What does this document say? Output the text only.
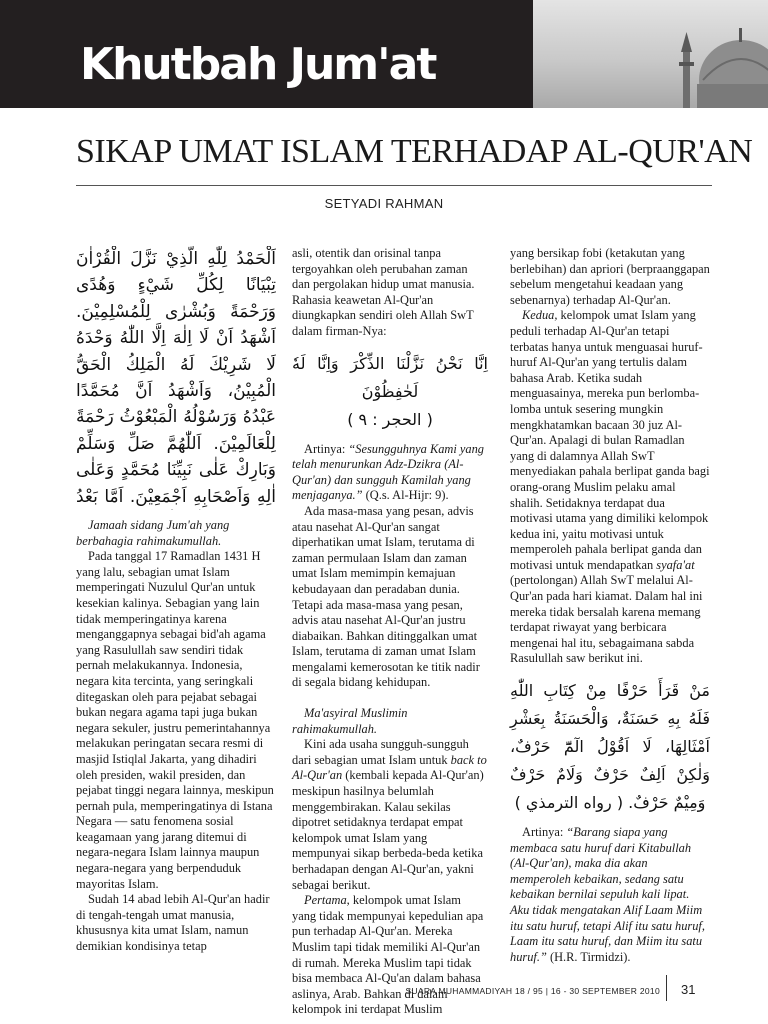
Khutbah Jum'at
SIKAP UMAT ISLAM TERHADAP AL-QUR'AN
SETYADI RAHMAN
اَلْحَمْدُ لِلّٰهِ الَّذِيْ نَزَّلَ الْقُرْاٰنَ تِبْيَانًا لِكُلِّ شَيْءٍ وَهُدًى وَرَحْمَةً وَبُشْرٰى لِلْمُسْلِمِيْنَ. اَشْهَدُ اَنْ لَا اِلٰهَ اِلَّا اللّٰهُ وَحْدَهُ لَا شَرِيْكَ لَهُ الْمَلِكُ الْحَقُّ الْمُبِيْنُ، وَاَشْهَدُ اَنَّ مُحَمَّدًا عَبْدُهُ وَرَسُوْلُهُ الْمَبْعُوْثُ رَحْمَةً لِلْعَالَمِيْنَ. اَللّٰهُمَّ صَلِّ وَسَلِّمْ وَبَارِكْ عَلٰى نَبِيِّنَا مُحَمَّدٍ وَعَلٰى اٰلِهِ وَاَصْحَابِهِ اَجْمَعِيْنَ. اَمَّا بَعْدُ

Jamaah sidang Jum'ah yang berbahagia rahimakumullah.

Pada tanggal 17 Ramadlan 1431 H yang lalu, sebagian umat Islam memperingati Nuzulul Qur'an untuk kesekian kalinya. Sebagian yang lain tidak memperingatinya karena menganggapnya sebagai bid'ah agama yang Rasulullah saw sendiri tidak pernah melakukannya. Indonesia, negara kita tercinta, yang seringkali ditegaskan oleh para pejabat sebagai bukan negara agama tapi juga bukan negara sekuler, justru pemerintahannya melakukan peringatan secara resmi di masjid Istiqlal Jakarta, yang dihadiri oleh presiden, wakil presiden, dan pejabat tinggi negara lainnya, meskipun pernah pula, memperingatinya di Istana Negara — satu fenomena sosial keagamaan yang jarang ditemui di negara-negara Islam lainnya maupun negara-negara yang berpenduduk mayoritas Islam.

Sudah 14 abad lebih Al-Qur'an hadir di tengah-tengah umat manusia, khususnya kita umat Islam, namun demikian kondisinya tetap

asli, otentik dan orisinal tanpa tergoyahkan oleh perubahan zaman dan pergolakan hidup umat manusia. Rahasia keawetan Al-Qur'an diungkapkan sendiri oleh Allah SwT dalam firman-Nya:

اِنَّا نَحْنُ نَزَّلْنَا الذِّكْرَ وَاِنَّا لَهٗ لَحٰفِظُوْنَ
( الحجر : ٩ )

Artinya: “Sesungguhnya Kami yang telah menurunkan Adz-Dzikra (Al-Qur'an) dan sungguh Kamilah yang menjaganya.” (Q.s. Al-Hijr: 9).

Ada masa-masa yang pesan, advis atau nasehat Al-Qur'an sangat diperhatikan umat Islam, terutama di zaman permulaan Islam dan zaman umat Islam memimpin kemajuan kebudayaan dan peradaban dunia. Tetapi ada masa-masa yang pesan, advis atau nasehat Al-Qur'an justru diabaikan. Bahkan ditinggalkan umat Islam, terutama di zaman umat Islam mengalami kemerosotan ke titik nadir di segala bidang kehidupan.

Ma'asyiral Muslimin rahimakumullah.

Kini ada usaha sungguh-sungguh dari sebagian umat Islam untuk back to Al-Qur'an (kembali kepada Al-Qur'an) meskipun hasilnya belumlah menggembirakan. Kalau sekilas dipotret setidaknya terdapat empat kelompok umat Islam yang mempunyai sikap berbeda-beda ketika berhadapan dengan Al-Qur'an, yakni sebagai berikut.

Pertama, kelompok umat Islam yang tidak mempunyai kepedulian apa pun terhadap Al-Qur'an. Mereka Muslim tapi tidak memiliki Al-Qur'an di rumah. Mereka Muslim tapi tidak bisa membaca Al-Qu'an dalam bahasa aslinya, Arab. Bahkan di dalam kelompok ini terdapat Muslim

yang bersikap fobi (ketakutan yang berlebihan) dan apriori (berpraanggapan sebelum mengetahui keadaan yang sebenarnya) terhadap Al-Qur'an.

Kedua, kelompok umat Islam yang peduli terhadap Al-Qur'an tetapi terbatas hanya untuk menguasai huruf-huruf Al-Qur'an yang tertulis dalam bahasa Arab. Ketika sudah menguasainya, mereka pun berlomba-lomba untuk sesering mungkin mengkhatamkan bacaan 30 juz Al-Qur'an. Apalagi di bulan Ramadlan yang di dalamnya Allah SwT menyediakan pahala berlipat ganda bagi orang-orang Muslim pelaku amal shalih. Setidaknya terdapat dua motivasi utama yang dimiliki kelompok kedua ini, yaitu motivasi untuk memperoleh pahala berlipat ganda dan motivasi untuk mendapatkan syafa'at (pertolongan) Allah SwT melalui Al-Qur'an pada hari kiamat. Dalam hal ini mereka tidak bersalah karena memang terdapat riwayat yang berbicara mengenai hal itu, sebagaimana sabda Rasulullah saw berikut ini.

مَنْ قَرَأَ حَرْفًا مِنْ كِتَابِ اللّٰهِ فَلَهُ بِهِ حَسَنَةٌ، وَالْحَسَنَةُ بِعَشْرِ اَمْثَالِهَا، لَا اَقُوْلُ الٓمّٓ حَرْفٌ، وَلٰكِنْ اَلِفٌ حَرْفٌ وَلَامٌ حَرْفٌ وَمِيْمٌ حَرْفٌ. ( رواه الترمذي )

Artinya: “Barang siapa yang membaca satu huruf dari Kitabullah (Al-Qur'an), maka dia akan memperoleh kebaikan, sedang satu kebaikan bernilai sepuluh kali lipat. Aku tidak mengatakan Alif Laam Miim itu satu huruf, tetapi Alif itu satu huruf, Laam itu satu huruf, dan Miim itu satu huruf.” (H.R. Tirmidzi).

SUARA MUHAMMADIYAH 18 / 95 | 16 - 30 SEPTEMBER 2010 31
